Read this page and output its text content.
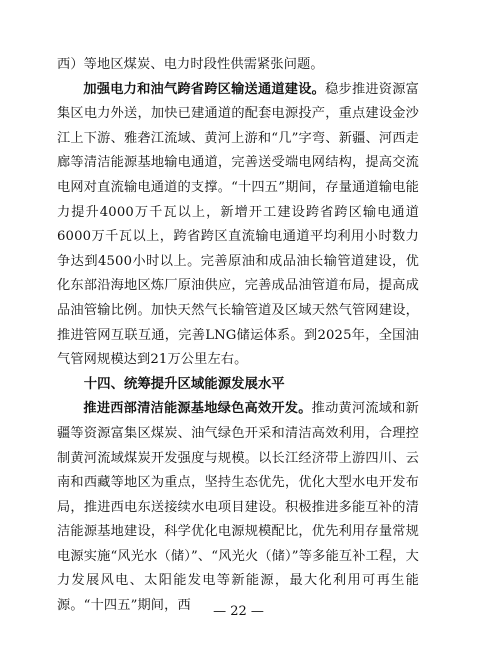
西）等地区煤炭、电力时段性供需紧张问题。

加强电力和油气跨省跨区输送通道建设。稳步推进资源富集区电力外送，加快已建通道的配套电源投产，重点建设金沙江上下游、雅砻江流域、黄河上游和“几”字弯、新疆、河西走廊等清洁能源基地输电通道，完善送受端电网结构，提高交流电网对直流输电通道的支撑。“十四五”期间，存量通道输电能力提升4000万千瓦以上，新增开工建设跨省跨区输电通道6000万千瓦以上，跨省跨区直流输电通道平均利用小时数力争达到4500小时以上。完善原油和成品油长输管道建设，优化东部沿海地区炼厂原油供应，完善成品油管道布局，提高成品油管输比例。加快天然气长输管道及区域天然气管网建设，推进管网互联互通，完善LNG储运体系。到2025年，全国油气管网规模达到21万公里左右。

十四、统筹提升区域能源发展水平

推进西部清洁能源基地绿色高效开发。推动黄河流域和新疆等资源富集区煤炭、油气绿色开采和清洁高效利用，合理控制黄河流域煤炭开发强度与规模。以长江经济带上游四川、云南和西藏等地区为重点，坚持生态优先，优化大型水电开发布局，推进西电东送接续水电项目建设。积极推进多能互补的清洁能源基地建设，科学优化电源规模配比，优先利用存量常规电源实施“风光水（储）”、“风光火（储）”等多能互补工程，大力发展风电、太阳能发电等新能源，最大化利用可再生能源。“十四五”期间，西	— 22 —
